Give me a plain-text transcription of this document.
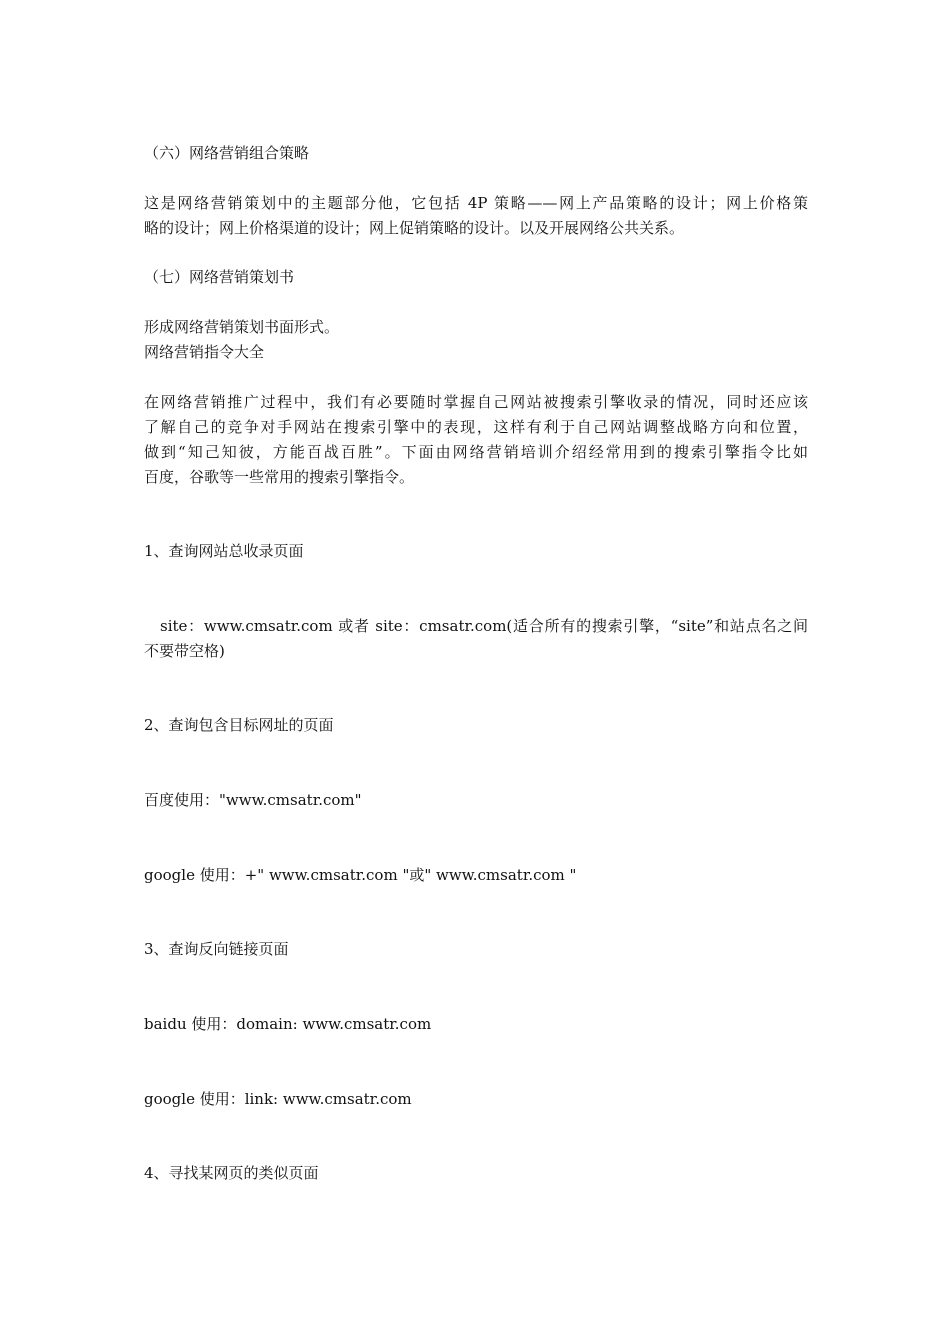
（六）网络营销组合策略
这是网络营销策划中的主题部分他，它包括 4P 策略——网上产品策略的设计；网上价格策
略的设计；网上价格渠道的设计；网上促销策略的设计。以及开展网络公共关系。
（七）网络营销策划书
形成网络营销策划书面形式。
网络营销指令大全
在网络营销推广过程中，我们有必要随时掌握自己网站被搜索引擎收录的情况，同时还应该
了解自己的竞争对手网站在搜索引擎中的表现，这样有利于自己网站调整战略方向和位置，
做到“知己知彼，方能百战百胜”。下面由网络营销培训介绍经常用到的搜索引擎指令比如
百度，谷歌等一些常用的搜索引擎指令。
1、查询网站总收录页面
site：www.cmsatr.com 或者 site：cmsatr.com(适合所有的搜索引擎，“site”和站点名之间
不要带空格)
2、查询包含目标网址的页面
百度使用："www.cmsatr.com"
google 使用：+" www.cmsatr.com "或" www.cmsatr.com "
3、查询反向链接页面
baidu 使用：domain: www.cmsatr.com
google 使用：link: www.cmsatr.com
4、寻找某网页的类似页面
